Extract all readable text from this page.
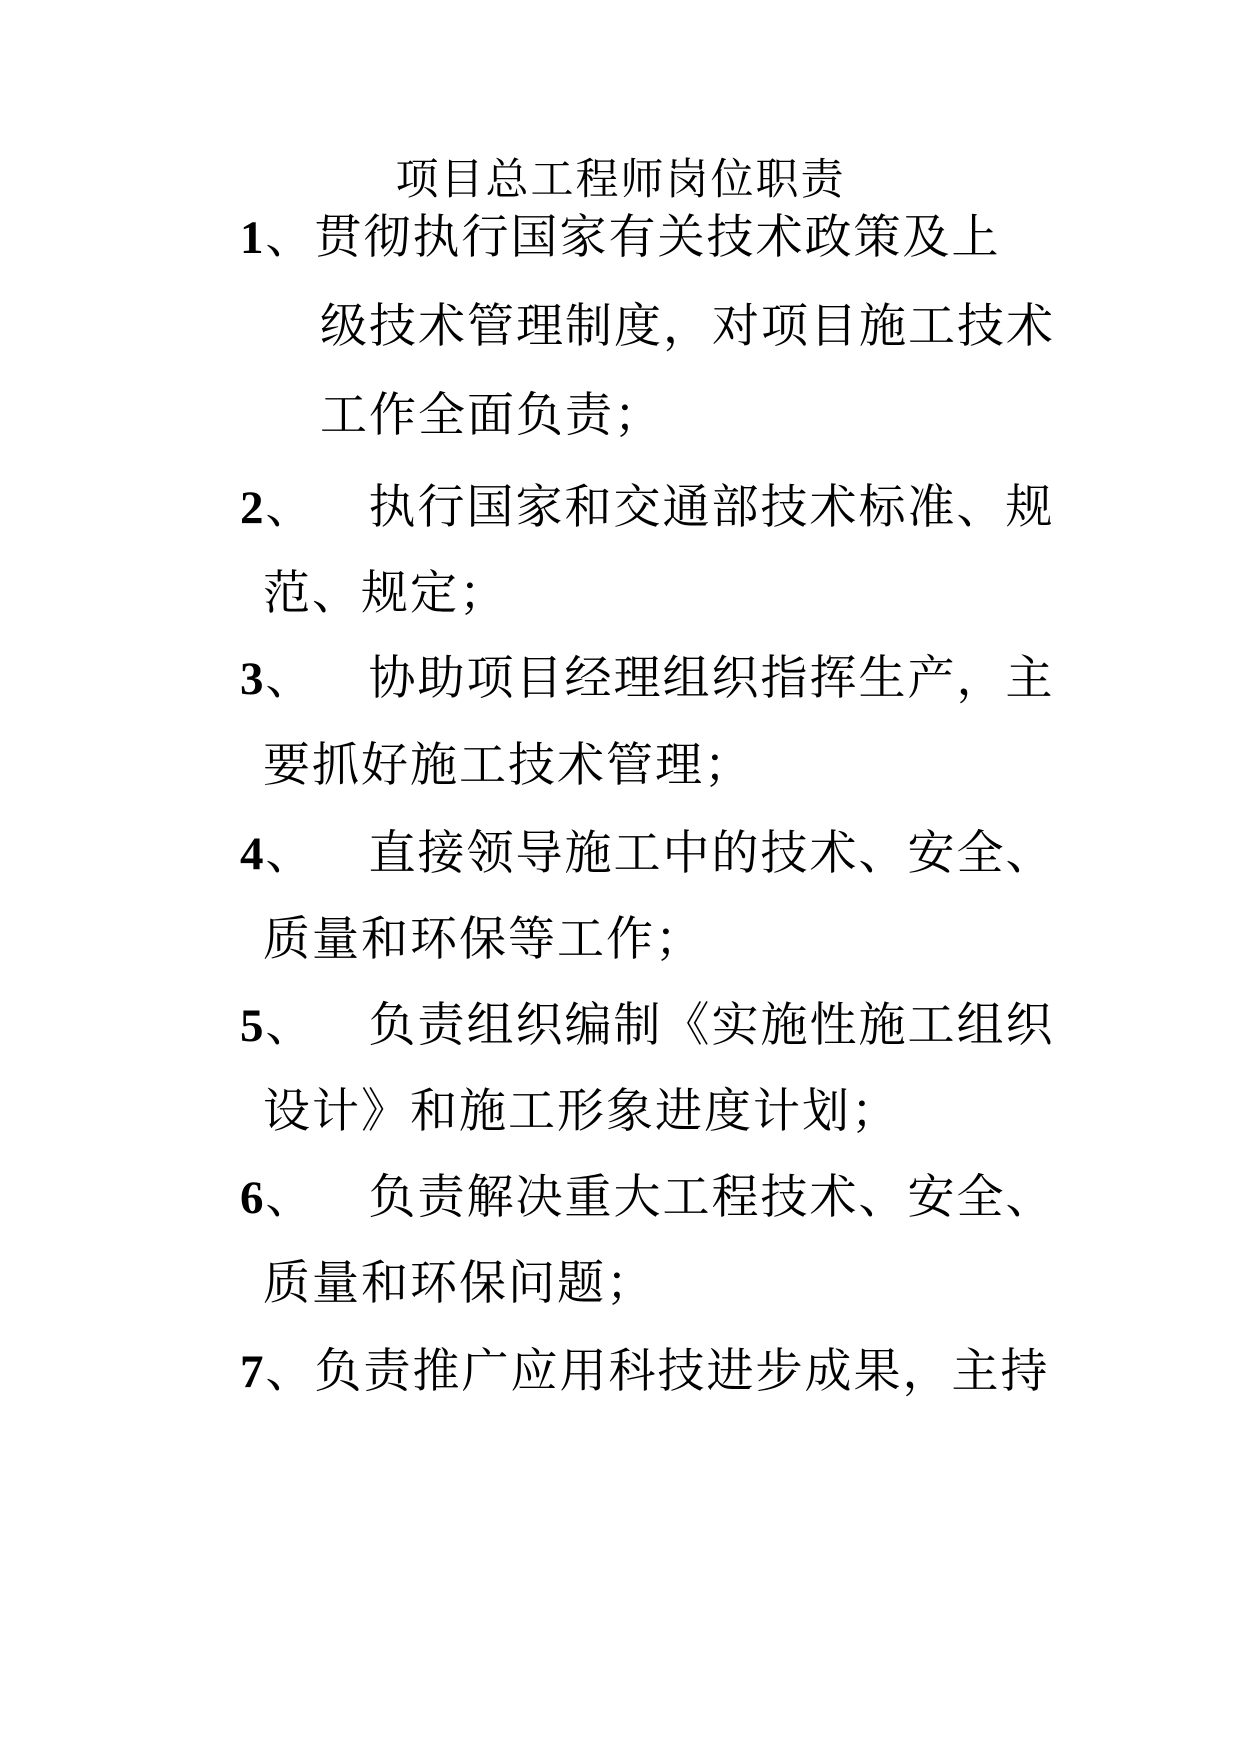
项目总工程师岗位职责
1、贯彻执行国家有关技术政策及上
级技术管理制度，对项目施工技术
工作全面负责；
2、 执行国家和交通部技术标准、规
范、规定；
3、 协助项目经理组织指挥生产，主
要抓好施工技术管理；
4、 直接领导施工中的技术、安全、
质量和环保等工作；
5、 负责组织编制《实施性施工组织
设计》和施工形象进度计划；
6、 负责解决重大工程技术、安全、
质量和环保问题；
7、负责推广应用科技进步成果，主持
